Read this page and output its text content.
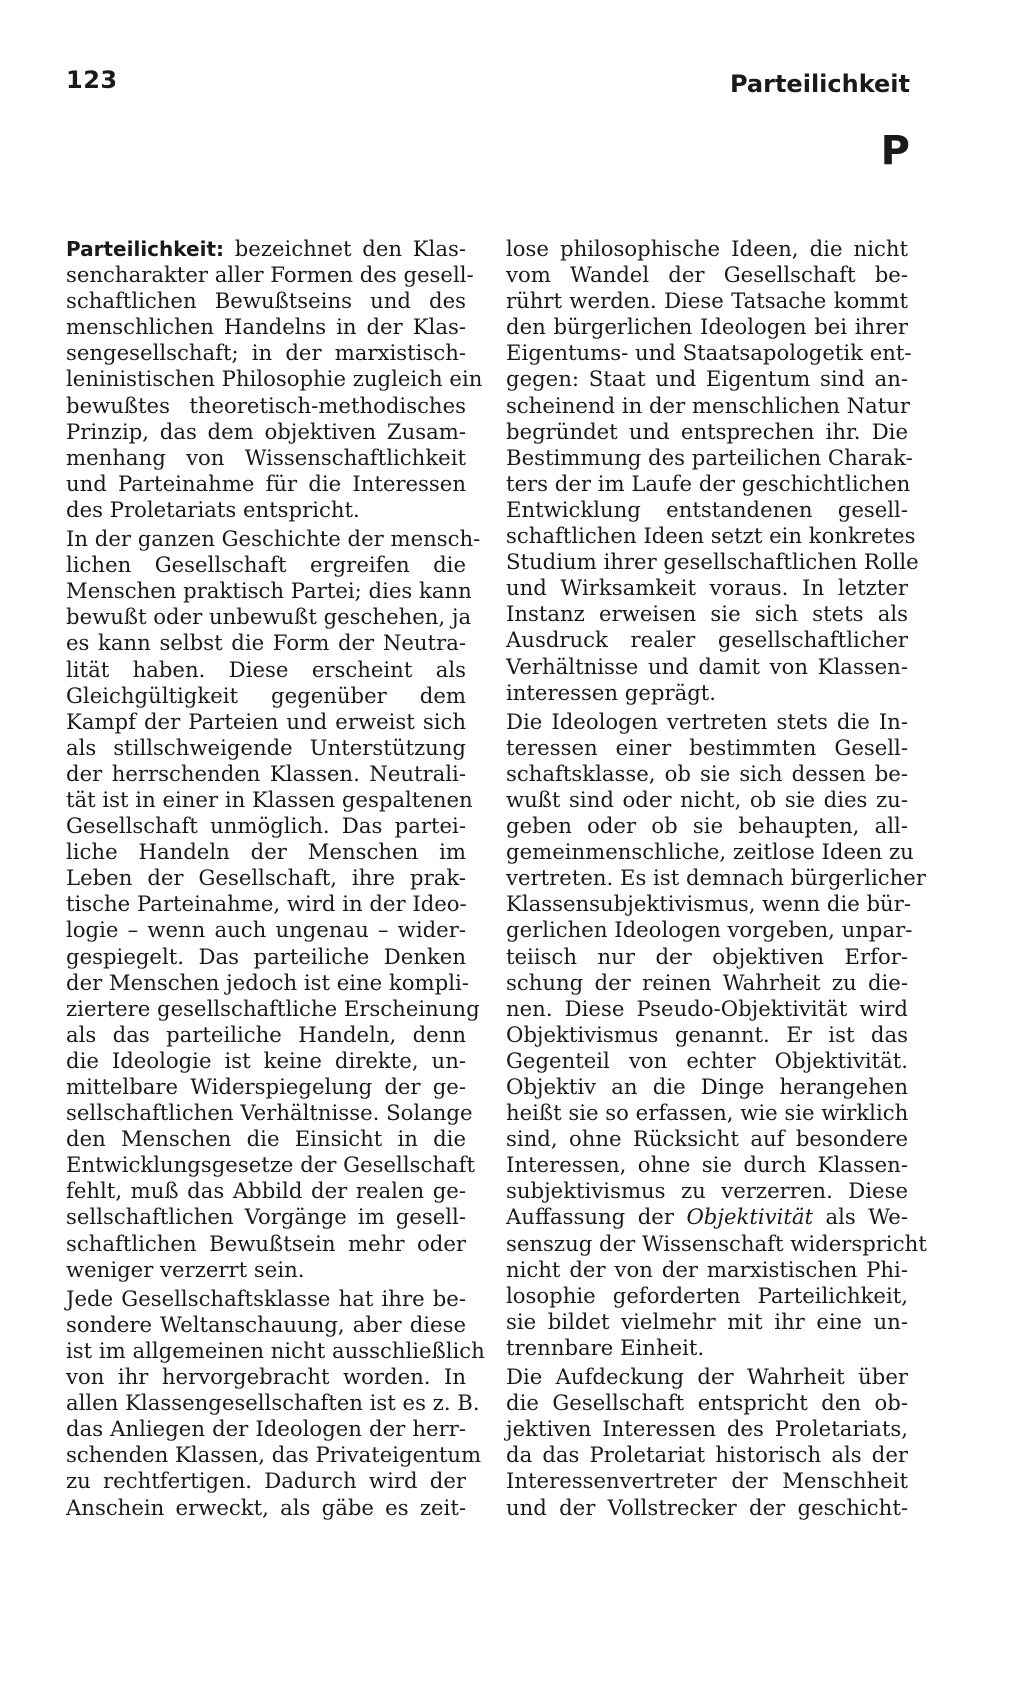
123	Parteilichkeit
P
Parteilichkeit: bezeichnet den Klas-
sencharakter aller Formen des gesell-
schaftlichen Bewußtseins und des
menschlichen Handelns in der Klas-
sengesellschaft; in der marxistisch-
leninistischen Philosophie zugleich ein
bewußtes theoretisch-methodisches
Prinzip, das dem objektiven Zusam-
menhang von Wissenschaftlichkeit
und Parteinahme für die Interessen
des Proletariats entspricht.
In der ganzen Geschichte der mensch-
lichen Gesellschaft ergreifen die
Menschen praktisch Partei; dies kann
bewußt oder unbewußt geschehen, ja
es kann selbst die Form der Neutra-
lität haben. Diese erscheint als
Gleichgültigkeit gegenüber dem
Kampf der Parteien und erweist sich
als stillschweigende Unterstützung
der herrschenden Klassen. Neutrali-
tät ist in einer in Klassen gespaltenen
Gesellschaft unmöglich. Das partei-
liche Handeln der Menschen im
Leben der Gesellschaft, ihre prak-
tische Parteinahme, wird in der Ideo-
logie – wenn auch ungenau – wider-
gespiegelt. Das parteiliche Denken
der Menschen jedoch ist eine kompli-
ziertere gesellschaftliche Erscheinung
als das parteiliche Handeln, denn
die Ideologie ist keine direkte, un-
mittelbare Widerspiegelung der ge-
sellschaftlichen Verhältnisse. Solange
den Menschen die Einsicht in die
Entwicklungsgesetze der Gesellschaft
fehlt, muß das Abbild der realen ge-
sellschaftlichen Vorgänge im gesell-
schaftlichen Bewußtsein mehr oder
weniger verzerrt sein.
Jede Gesellschaftsklasse hat ihre be-
sondere Weltanschauung, aber diese
ist im allgemeinen nicht ausschließlich
von ihr hervorgebracht worden. In
allen Klassengesellschaften ist es z. B.
das Anliegen der Ideologen der herr-
schenden Klassen, das Privateigentum
zu rechtfertigen. Dadurch wird der
Anschein erweckt, als gäbe es zeit-
lose philosophische Ideen, die nicht
vom Wandel der Gesellschaft be-
rührt werden. Diese Tatsache kommt
den bürgerlichen Ideologen bei ihrer
Eigentums- und Staatsapologetik ent-
gegen: Staat und Eigentum sind an-
scheinend in der menschlichen Natur
begründet und entsprechen ihr. Die
Bestimmung des parteilichen Charak-
ters der im Laufe der geschichtlichen
Entwicklung entstandenen gesell-
schaftlichen Ideen setzt ein konkretes
Studium ihrer gesellschaftlichen Rolle
und Wirksamkeit voraus. In letzter
Instanz erweisen sie sich stets als
Ausdruck realer gesellschaftlicher
Verhältnisse und damit von Klassen-
interessen geprägt.
Die Ideologen vertreten stets die In-
teressen einer bestimmten Gesell-
schaftsklasse, ob sie sich dessen be-
wußt sind oder nicht, ob sie dies zu-
geben oder ob sie behaupten, all-
gemeinmenschliche, zeitlose Ideen zu
vertreten. Es ist demnach bürgerlicher
Klassensubjektivismus, wenn die bür-
gerlichen Ideologen vorgeben, unpar-
teiisch nur der objektiven Erfor-
schung der reinen Wahrheit zu die-
nen. Diese Pseudo-Objektivität wird
Objektivismus genannt. Er ist das
Gegenteil von echter Objektivität.
Objektiv an die Dinge herangehen
heißt sie so erfassen, wie sie wirklich
sind, ohne Rücksicht auf besondere
Interessen, ohne sie durch Klassen-
subjektivismus zu verzerren. Diese
Auffassung der Objektivität als We-
senszug der Wissenschaft widerspricht
nicht der von der marxistischen Phi-
losophie geforderten Parteilichkeit,
sie bildet vielmehr mit ihr eine un-
trennbare Einheit.
Die Aufdeckung der Wahrheit über
die Gesellschaft entspricht den ob-
jektiven Interessen des Proletariats,
da das Proletariat historisch als der
Interessenvertreter der Menschheit
und der Vollstrecker der geschicht-
